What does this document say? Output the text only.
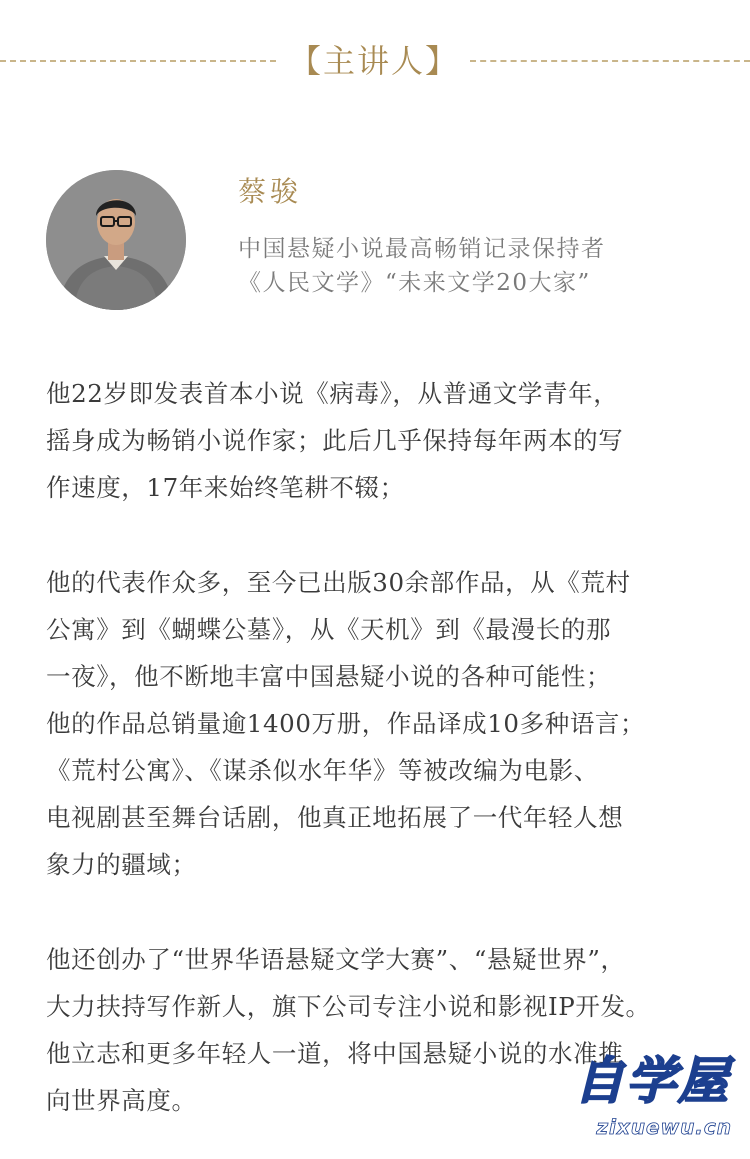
【主讲人】
蔡骏
中国悬疑小说最高畅销记录保持者
《人民文学》“未来文学20大家”
他22岁即发表首本小说《病毒》，从普通文学青年，
摇身成为畅销小说作家；此后几乎保持每年两本的写
作速度，17年来始终笔耕不辍；
他的代表作众多，至今已出版30余部作品，从《荒村
公寓》到《蝴蝶公墓》，从《天机》到《最漫长的那
一夜》，他不断地丰富中国悬疑小说的各种可能性；
他的作品总销量逾1400万册，作品译成10多种语言；
《荒村公寓》、《谋杀似水年华》等被改编为电影、
电视剧甚至舞台话剧，他真正地拓展了一代年轻人想
象力的疆域；
他还创办了“世界华语悬疑文学大赛”、“悬疑世界”，
大力扶持写作新人，旗下公司专注小说和影视IP开发。
他立志和更多年轻人一道，将中国悬疑小说的水准推
向世界高度。	自学屋
zixuewu.cn
